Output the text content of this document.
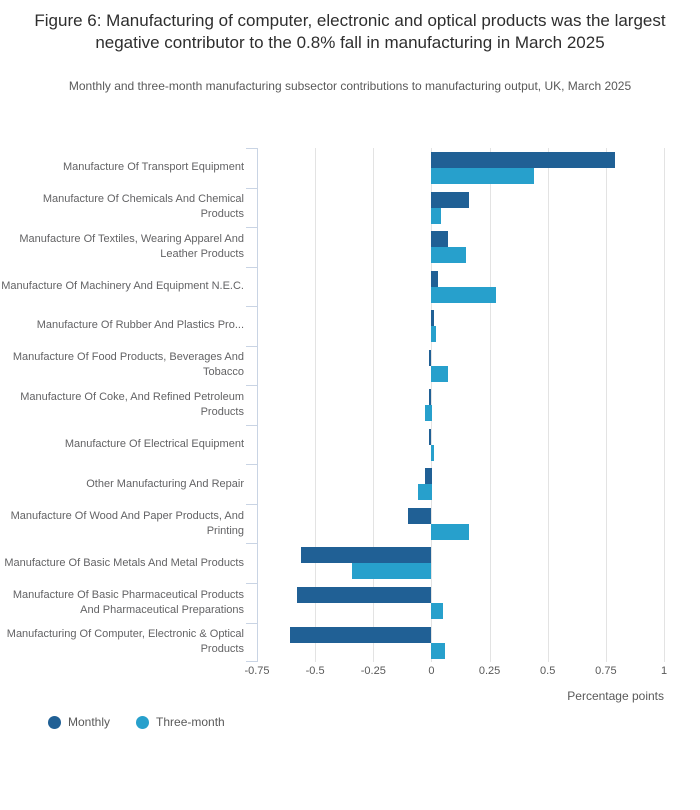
Figure 6: Manufacturing of computer, electronic and optical products was the largest negative contributor to the 0.8% fall in manufacturing in March 2025
Monthly and three-month manufacturing subsector contributions to manufacturing output, UK, March 2025
Manufacture Of Transport Equipment
Manufacture Of Chemicals And Chemical Products
Manufacture Of Textiles, Wearing Apparel And Leather Products
Manufacture Of Machinery And Equipment N.E.C.
Manufacture Of Rubber And Plastics Pro...
Manufacture Of Food Products, Beverages And Tobacco
Manufacture Of Coke, And Refined Petroleum Products
Manufacture Of Electrical Equipment
Other Manufacturing And Repair
Manufacture Of Wood And Paper Products, And Printing
Manufacture Of Basic Metals And Metal Products
Manufacture Of Basic Pharmaceutical Products And Pharmaceutical Preparations
Manufacturing Of Computer, Electronic & Optical Products
-0.75	-0.5	-0.25	0	0.25	0.5	0.75	1
Percentage points
Monthly	Three-month
